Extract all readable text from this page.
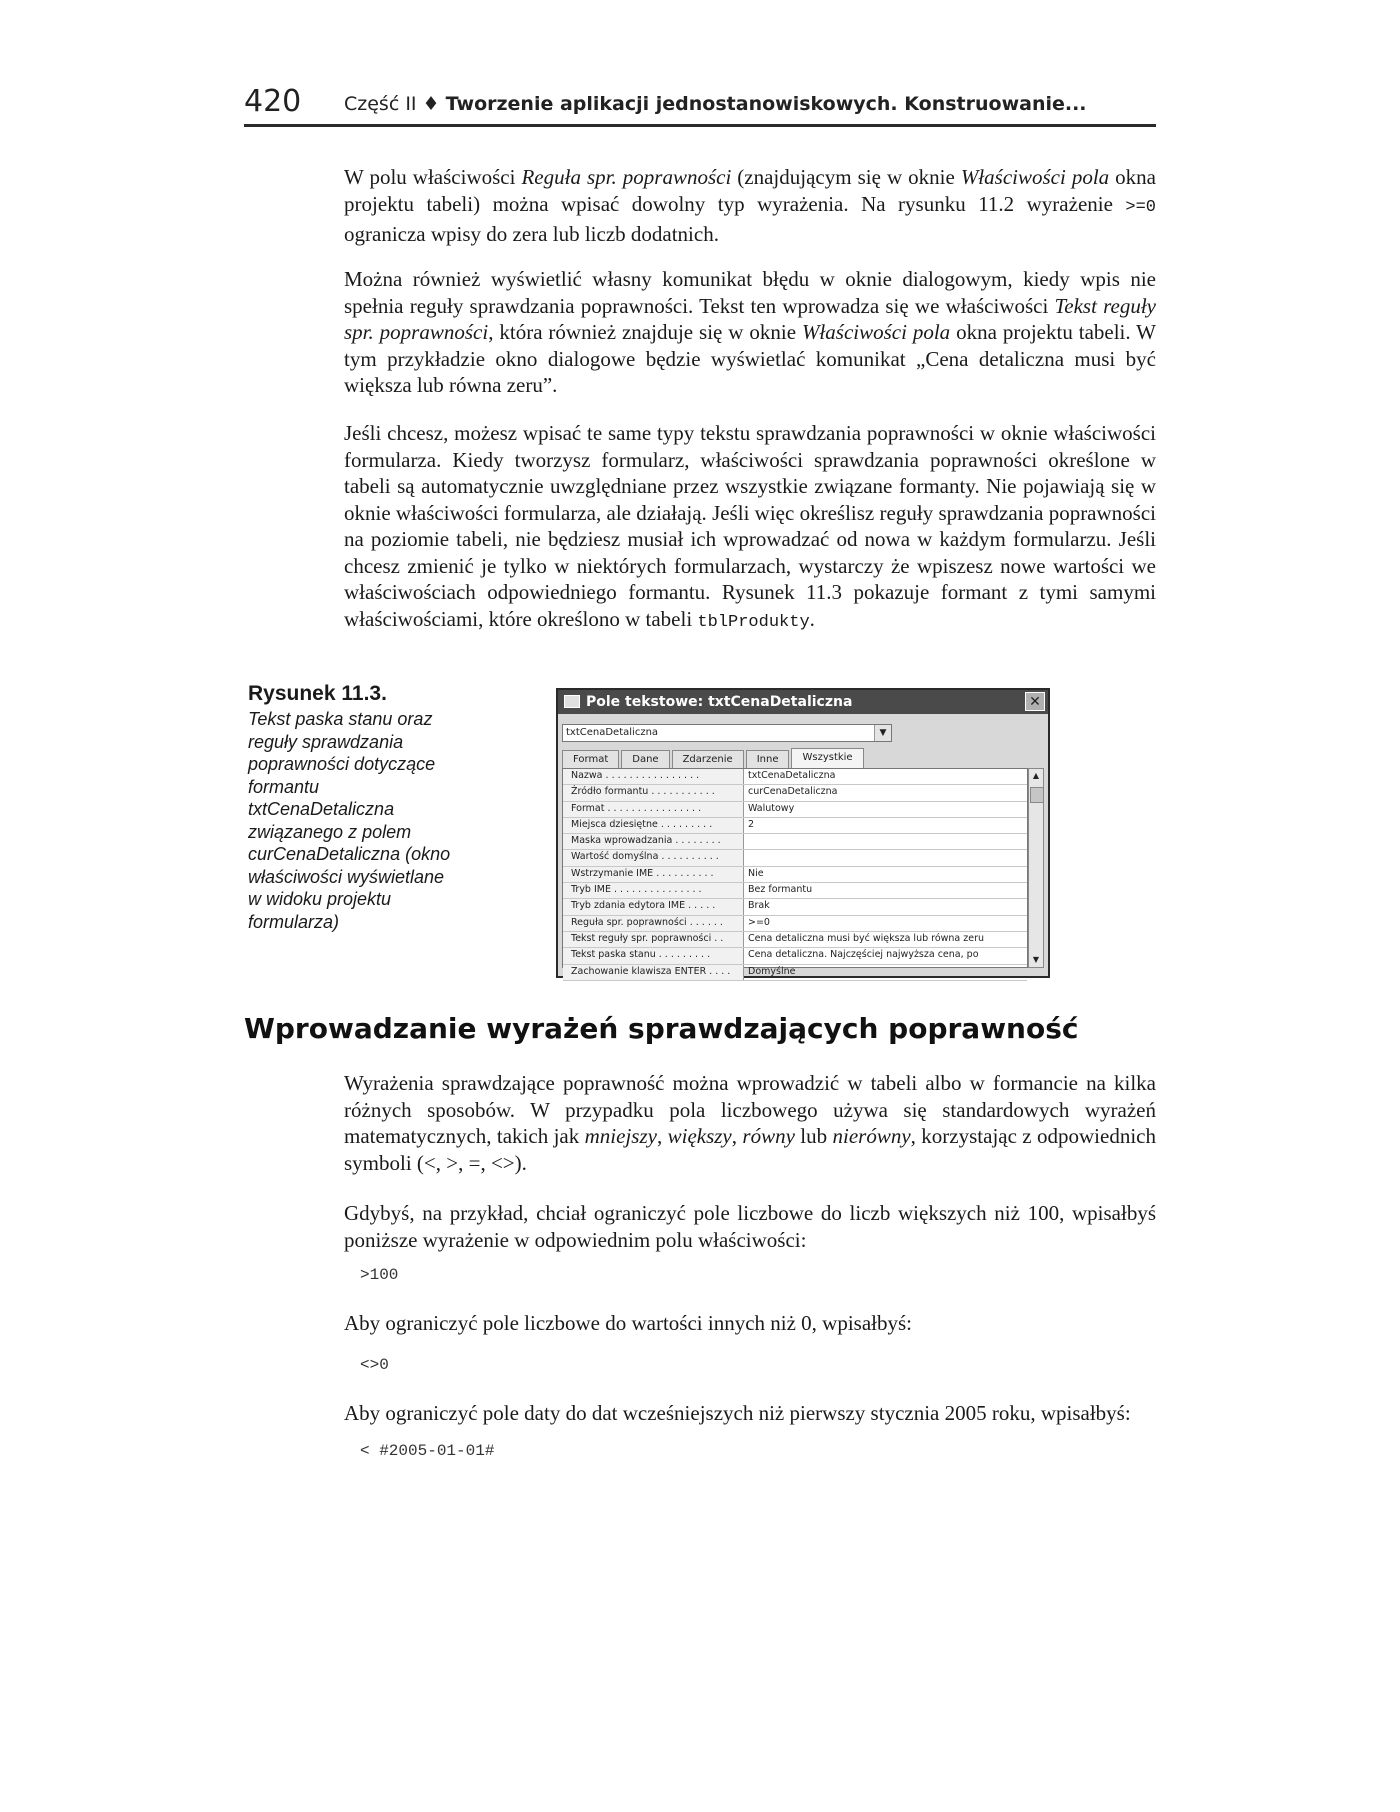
420 Część II ♦ Tworzenie aplikacji jednostanowiskowych. Konstruowanie...

W polu właściwości Reguła spr. poprawności (znajdującym się w oknie Właściwości pola okna projektu tabeli) można wpisać dowolny typ wyrażenia. Na rysunku 11.2 wyrażenie >=0 ogranicza wpisy do zera lub liczb dodatnich.

Można również wyświetlić własny komunikat błędu w oknie dialogowym, kiedy wpis nie spełnia reguły sprawdzania poprawności. Tekst ten wprowadza się we właściwości Tekst reguły spr. poprawności, która również znajduje się w oknie Właściwości pola okna projektu tabeli. W tym przykładzie okno dialogowe będzie wyświetlać komunikat „Cena detaliczna musi być większa lub równa zeru”.

Jeśli chcesz, możesz wpisać te same typy tekstu sprawdzania poprawności w oknie właściwości formularza. Kiedy tworzysz formularz, właściwości sprawdzania poprawności określone w tabeli są automatycznie uwzględniane przez wszystkie związane formanty. Nie pojawiają się w oknie właściwości formularza, ale działają. Jeśli więc określisz reguły sprawdzania poprawności na poziomie tabeli, nie będziesz musiał ich wprowadzać od nowa w każdym formularzu. Jeśli chcesz zmienić je tylko w niektórych formularzach, wystarczy że wpiszesz nowe wartości we właściwościach odpowiedniego formantu. Rysunek 11.3 pokazuje formant z tymi samymi właściwościami, które określono w tabeli tblProdukty.

Rysunek 11.3.
Tekst paska stanu oraz reguły sprawdzania poprawności dotyczące formantu txtCenaDetaliczna związanego z polem curCenaDetaliczna (okno właściwości wyświetlane w widoku projektu formularza)
Pole tekstowe: txtCenaDetaliczna	✕
txtCenaDetaliczna	▼
Format Dane Zdarzenie Inne Wszystkie
Nazwa . . . . . . . . . . . . . . . .	txtCenaDetaliczna
Źródło formantu . . . . . . . . . . .	curCenaDetaliczna
Format . . . . . . . . . . . . . . . .	Walutowy
Miejsca dziesiętne . . . . . . . . .	2
Maska wprowadzania . . . . . . . .
Wartość domyślna . . . . . . . . . .
Wstrzymanie IME . . . . . . . . . .	Nie
Tryb IME . . . . . . . . . . . . . . .	Bez formantu
Tryb zdania edytora IME . . . . .	Brak
Reguła spr. poprawności . . . . . .	>=0
Tekst reguły spr. poprawności . .	Cena detaliczna musi być większa lub równa zeru
Tekst paska stanu . . . . . . . . .	Cena detaliczna. Najczęściej najwyższa cena, po
Zachowanie klawisza ENTER . . . .	Domyślne
▲
▼
Wprowadzanie wyrażeń sprawdzających poprawność

Wyrażenia sprawdzające poprawność można wprowadzić w tabeli albo w formancie na kilka różnych sposobów. W przypadku pola liczbowego używa się standardowych wyrażeń matematycznych, takich jak mniejszy, większy, równy lub nierówny, korzystając z odpowiednich symboli (<, >, =, <>).

Gdybyś, na przykład, chciał ograniczyć pole liczbowe do liczb większych niż 100, wpisałbyś poniższe wyrażenie w odpowiednim polu właściwości:

>100

Aby ograniczyć pole liczbowe do wartości innych niż 0, wpisałbyś:

<>0

Aby ograniczyć pole daty do dat wcześniejszych niż pierwszy stycznia 2005 roku, wpisałbyś:

< #2005-01-01#
